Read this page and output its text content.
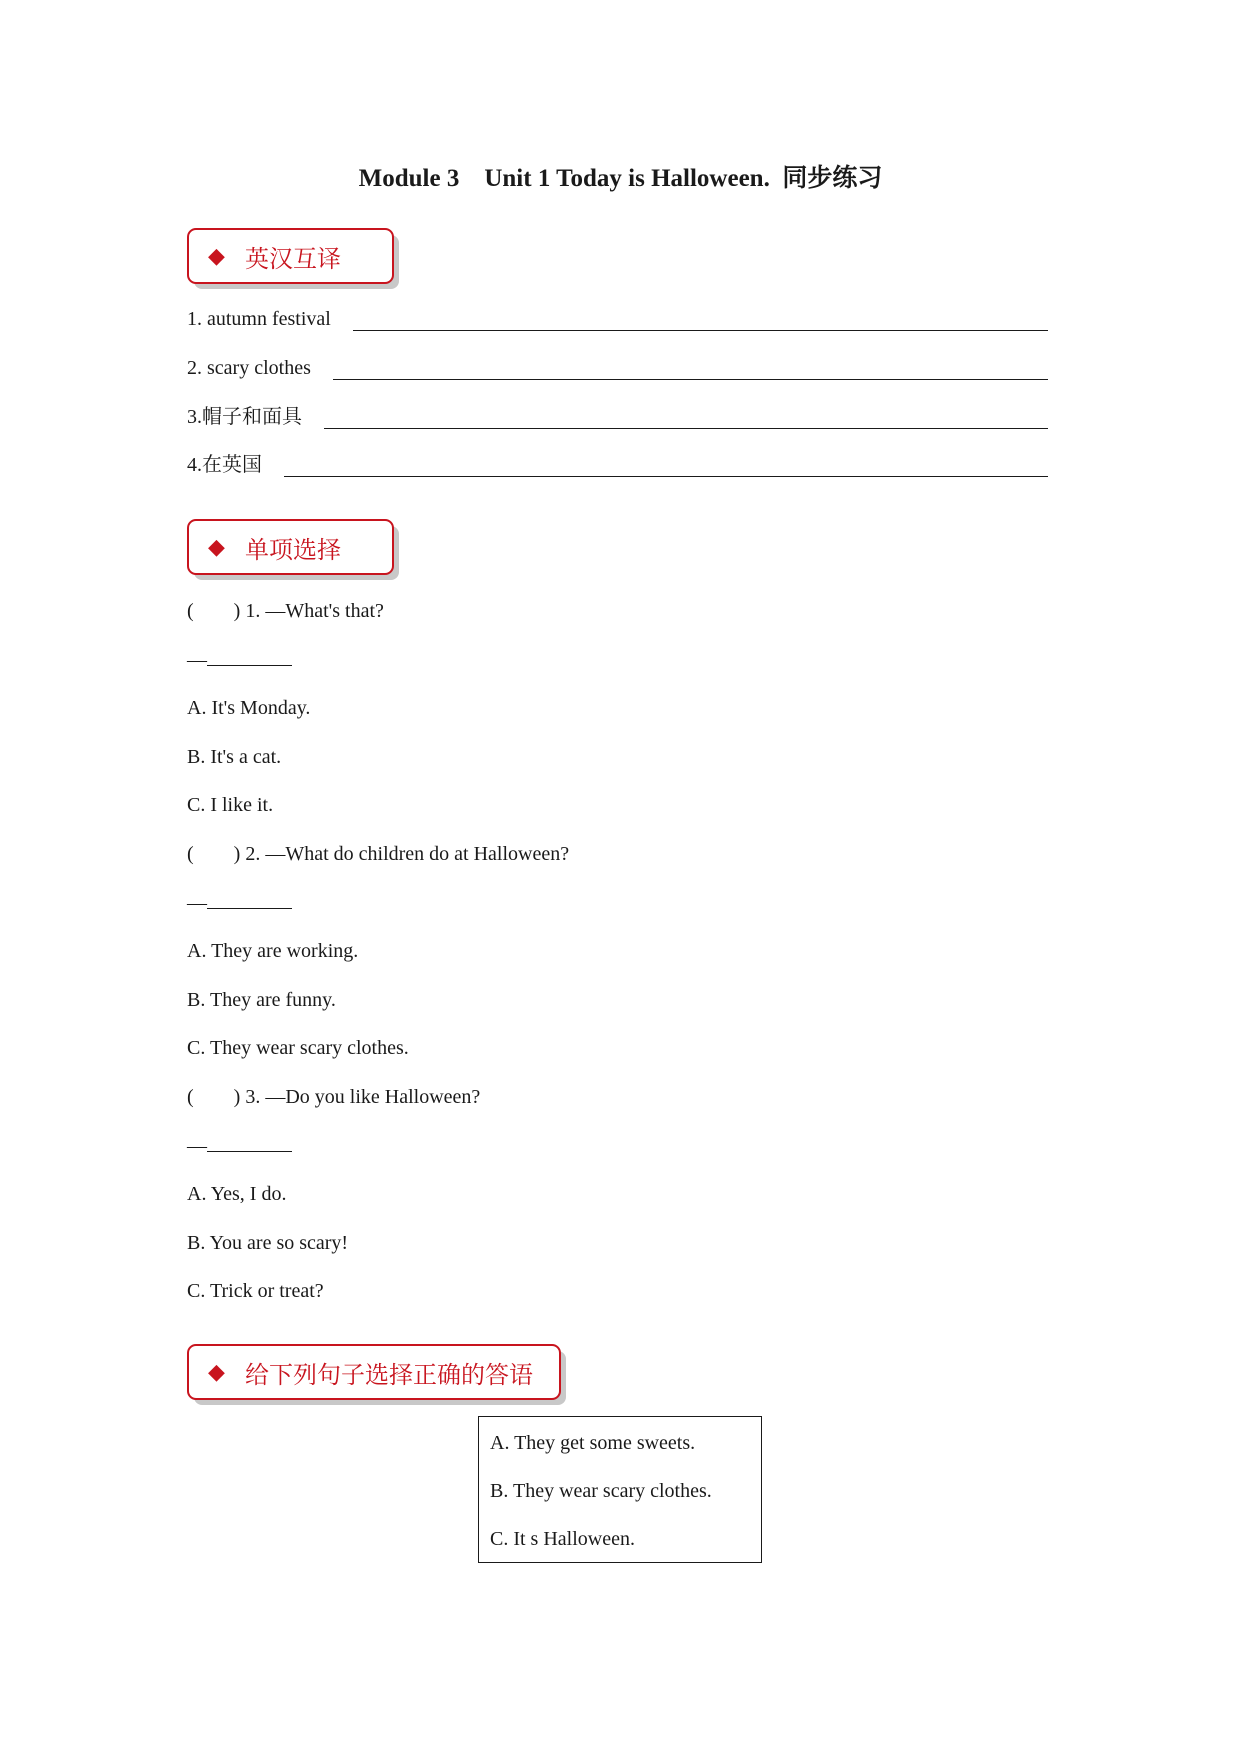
Module 3　Unit 1 Today is Halloween.  同步练习
◆ 英汉互译
1. autumn festival
2. scary clothes
3.帽子和面具
4.在英国
◆ 单项选择
( ) 1. —What's that?
—
A. It's Monday.
B. It's a cat.
C. I like it.
( ) 2. —What do children do at Halloween?
—
A. They are working.
B. They are funny.
C. They wear scary clothes.
( ) 3. —Do you like Halloween?
—
A. Yes, I do.
B. You are so scary!
C. Trick or treat?
◆ 给下列句子选择正确的答语
A. They get some sweets.
B. They wear scary clothes.
C. It s Halloween.
